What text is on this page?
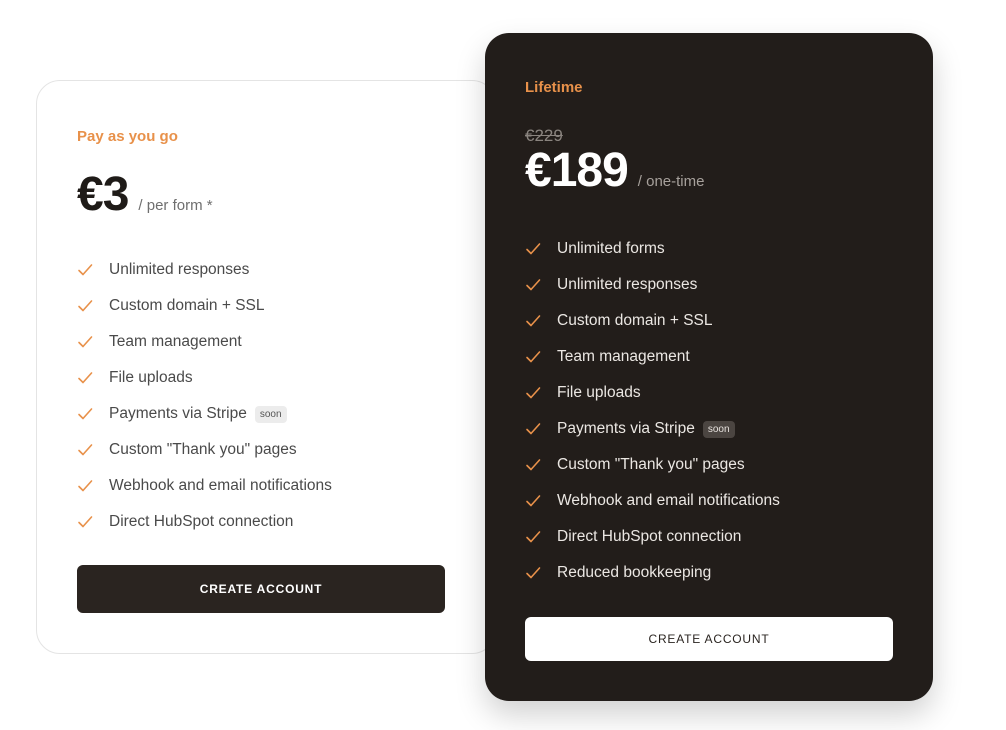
Pay as you go
€3 / per form *
Unlimited responses
Custom domain + SSL
Team management
File uploads
Payments via Stripe	soon
Custom "Thank you" pages
Webhook and email notifications
Direct HubSpot connection
CREATE ACCOUNT
Lifetime
€229
€189 / one-time
Unlimited forms
Unlimited responses
Custom domain + SSL
Team management
File uploads
Payments via Stripe	soon
Custom "Thank you" pages
Webhook and email notifications
Direct HubSpot connection
Reduced bookkeeping
CREATE ACCOUNT
